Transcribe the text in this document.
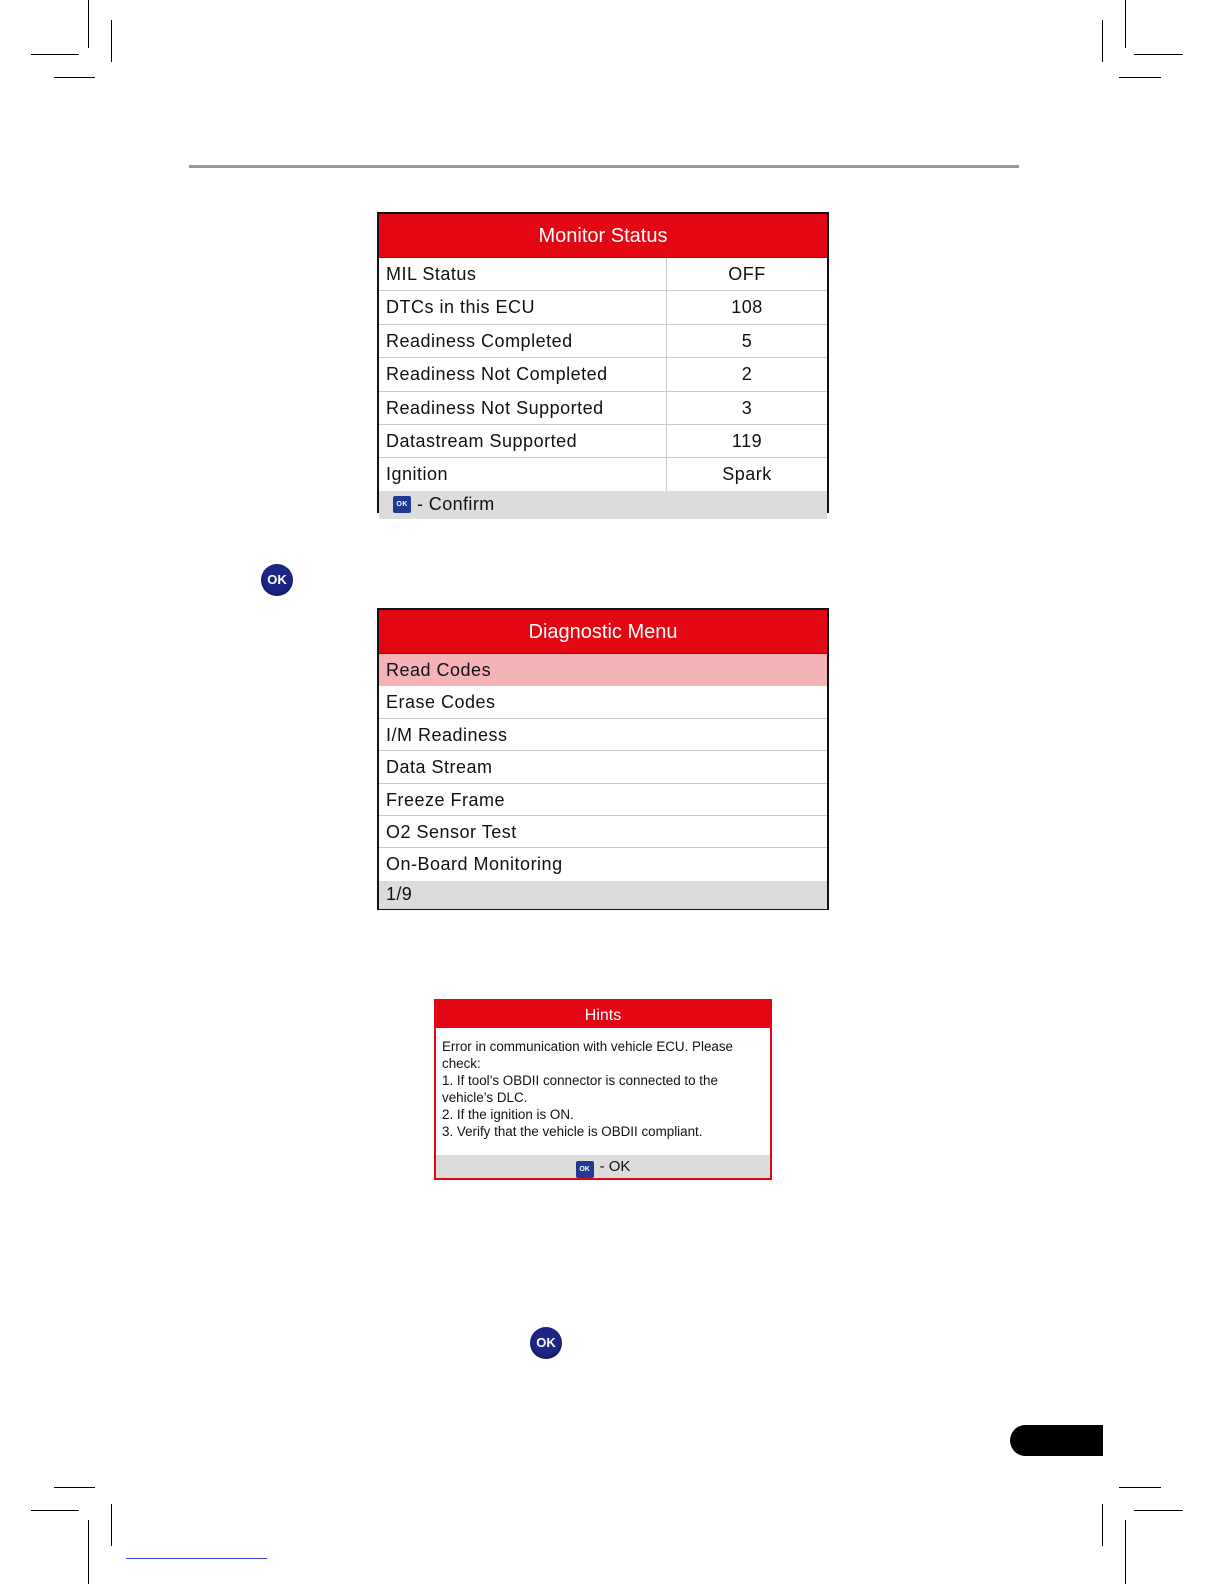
Monitor Status
MIL Status	OFF
DTCs in this ECU	108
Readiness Completed	5
Readiness Not Completed	2
Readiness Not Supported	3
Datastream Supported	119
Ignition	Spark
OK - Confirm
OK
Diagnostic Menu
Read Codes
Erase Codes
I/M Readiness
Data Stream
Freeze Frame
O2 Sensor Test
On-Board Monitoring
1/9
Hints
Error in communication with vehicle ECU. Please
check:
1. If tool’s OBDII connector is connected to the
vehicle’s DLC.
2. If the ignition is ON.
3. Verify that the vehicle is OBDII compliant.
OK - OK
OK
